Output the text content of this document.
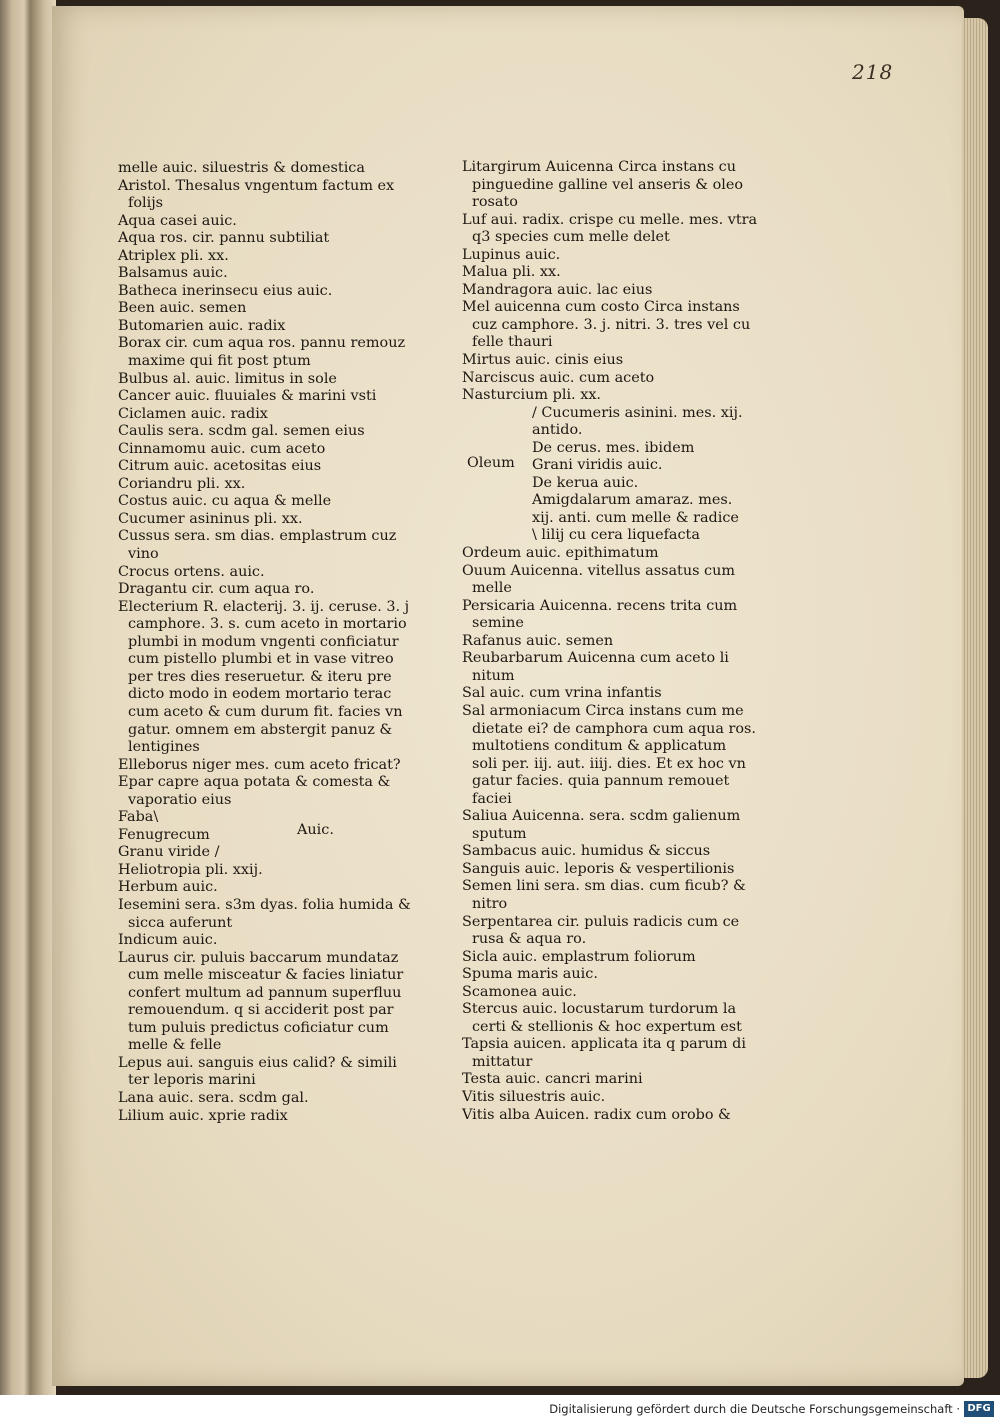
218
melle auic. siluestris & domestica
Aristol. Thesalus vngentum factum ex
folijs
Aqua casei auic.
Aqua ros. cir. pannu subtiliat
Atriplex pli. xx.
Balsamus auic.
Batheca inerinsecu eius auic.
Been auic. semen
Butomarien auic. radix
Borax cir. cum aqua ros. pannu remouz
maxime qui fit post ptum
Bulbus al. auic. limitus in sole
Cancer auic. fluuiales & marini vsti
Ciclamen auic. radix
Caulis sera. scdm gal. semen eius
Cinnamomu auic. cum aceto
Citrum auic. acetositas eius
Coriandru pli. xx.
Costus auic. cu aqua & melle
Cucumer asininus pli. xx.
Cussus sera. sm dias. emplastrum cuz
vino
Crocus ortens. auic.
Dragantu cir. cum aqua ro.
Electerium R. elacterij. 3. ij. ceruse. 3. j
camphore. 3. s. cum aceto in mortario
plumbi in modum vngenti conficiatur
cum pistello plumbi et in vase vitreo
per tres dies reseruetur. & iteru pre
dicto modo in eodem mortario terac
cum aceto & cum durum fit. facies vn
gatur. omnem em abstergit panuz &
lentigines
Elleborus niger mes. cum aceto fricat?
Epar capre aqua potata & comesta &
vaporatio eius
Faba\
Fenugrecum
Granu viride /
Heliotropia pli. xxij.
Herbum auic.
Iesemini sera. s3m dyas. folia humida &
sicca auferunt
Indicum auic.
Laurus cir. puluis baccarum mundataz
cum melle misceatur & facies liniatur
confert multum ad pannum superfluu
remouendum. q si acciderit post par
tum puluis predictus coficiatur cum
melle & felle
Lepus aui. sanguis eius calid? & simili
ter leporis marini
Lana auic. sera. scdm gal.
Lilium auic. xprie radix
Litargirum Auicenna Circa instans cu
pinguedine galline vel anseris & oleo
rosato
Luf aui. radix. crispe cu melle. mes. vtra
q3 species cum melle delet
Lupinus auic.
Malua pli. xx.
Mandragora auic. lac eius
Mel auicenna cum costo Circa instans
cuz camphore. 3. j. nitri. 3. tres vel cu
felle thauri
Mirtus auic. cinis eius
Narciscus auic. cum aceto
Nasturcium pli. xx.
/ Cucumeris asinini. mes. xij.
antido.
De cerus. mes. ibidem
Grani viridis auic.
De kerua auic.
Amigdalarum amaraz. mes.
xij. anti. cum melle & radice
\ lilij cu cera liquefacta
Ordeum auic. epithimatum
Ouum Auicenna. vitellus assatus cum
melle
Persicaria Auicenna. recens trita cum
semine
Rafanus auic. semen
Reubarbarum Auicenna cum aceto li
nitum
Sal auic. cum vrina infantis
Sal armoniacum Circa instans cum me
dietate ei? de camphora cum aqua ros.
multotiens conditum & applicatum
soli per. iij. aut. iiij. dies. Et ex hoc vn
gatur facies. quia pannum remouet
faciei
Saliua Auicenna. sera. scdm galienum
sputum
Sambacus auic. humidus & siccus
Sanguis auic. leporis & vespertilionis
Semen lini sera. sm dias. cum ficub? &
nitro
Serpentarea cir. puluis radicis cum ce
rusa & aqua ro.
Sicla auic. emplastrum foliorum
Spuma maris auic.
Scamonea auic.
Stercus auic. locustarum turdorum la
certi & stellionis & hoc expertum est
Tapsia auicen. applicata ita q parum di
mittatur
Testa auic. cancri marini
Vitis siluestris auic.
Vitis alba Auicen. radix cum orobo &
Oleum
Auic.
Digitalisierung gefördert durch die Deutsche Forschungsgemeinschaft · DFG
